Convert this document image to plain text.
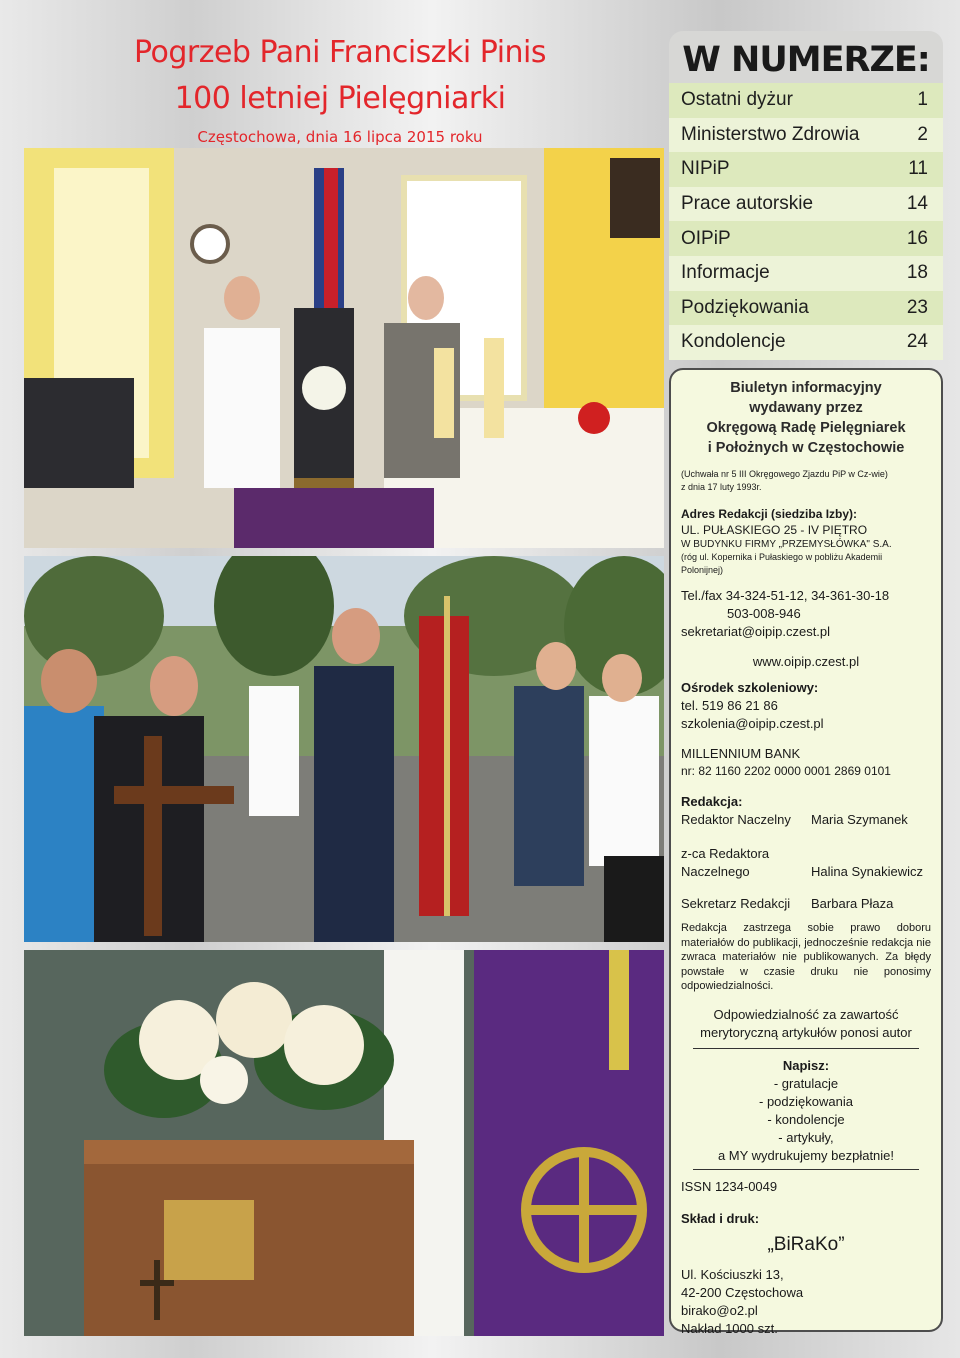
Pogrzeb Pani Franciszki Pinis
100 letniej Pielęgniarki
Częstochowa, dnia 16 lipca 2015 roku
W NUMERZE:
Ostatni dyżur	1
Ministerstwo Zdrowia	2
NIPiP	11
Prace autorskie	14
OIPiP	16
Informacje	18
Podziękowania	23
Kondolencje	24
Biuletyn informacyjny
wydawany przez
Okręgową Radę Pielęgniarek
i Położnych w Częstochowie
(Uchwała nr 5 III Okręgowego Zjazdu PiP w Cz-wie)
z dnia 17 luty 1993r.
Adres Redakcji (siedziba Izby):
UL. PUŁASKIEGO 25 - IV PIĘTRO
W BUDYNKU FIRMY „PRZEMYSŁÓWKA" S.A.
(róg ul. Kopernika i Pułaskiego w pobliżu Akademii
Polonijnej)
Tel./fax 34-324-51-12, 34-361-30-18
503-008-946
sekretariat@oipip.czest.pl
www.oipip.czest.pl
Ośrodek szkoleniowy:
tel. 519 86 21 86
szkolenia@oipip.czest.pl
MILLENNIUM BANK
nr: 82 1160 2202 0000 0001 2869 0101
Redakcja:
Redaktor Naczelny	Maria Szymanek
z-ca Redaktora
Naczelnego	Halina Synakiewicz
Sekretarz Redakcji	Barbara Płaza
Redakcja zastrzega sobie prawo doboru materiałów do publikacji, jednocześnie redakcja nie zwraca materiałów nie publikowanych. Za błędy powstałe w czasie druku nie ponosimy odpowiedzialności.
Odpowiedzialność za zawartość
merytoryczną artykułów ponosi autor
Napisz:
- gratulacje
- podziękowania
- kondolencje
- artykuły,
a MY wydrukujemy bezpłatnie!
ISSN 1234-0049
Skład i druk:
„BiRaKo”
Ul. Kościuszki 13,
42-200 Częstochowa
birako@o2.pl
Nakład 1000 szt.
